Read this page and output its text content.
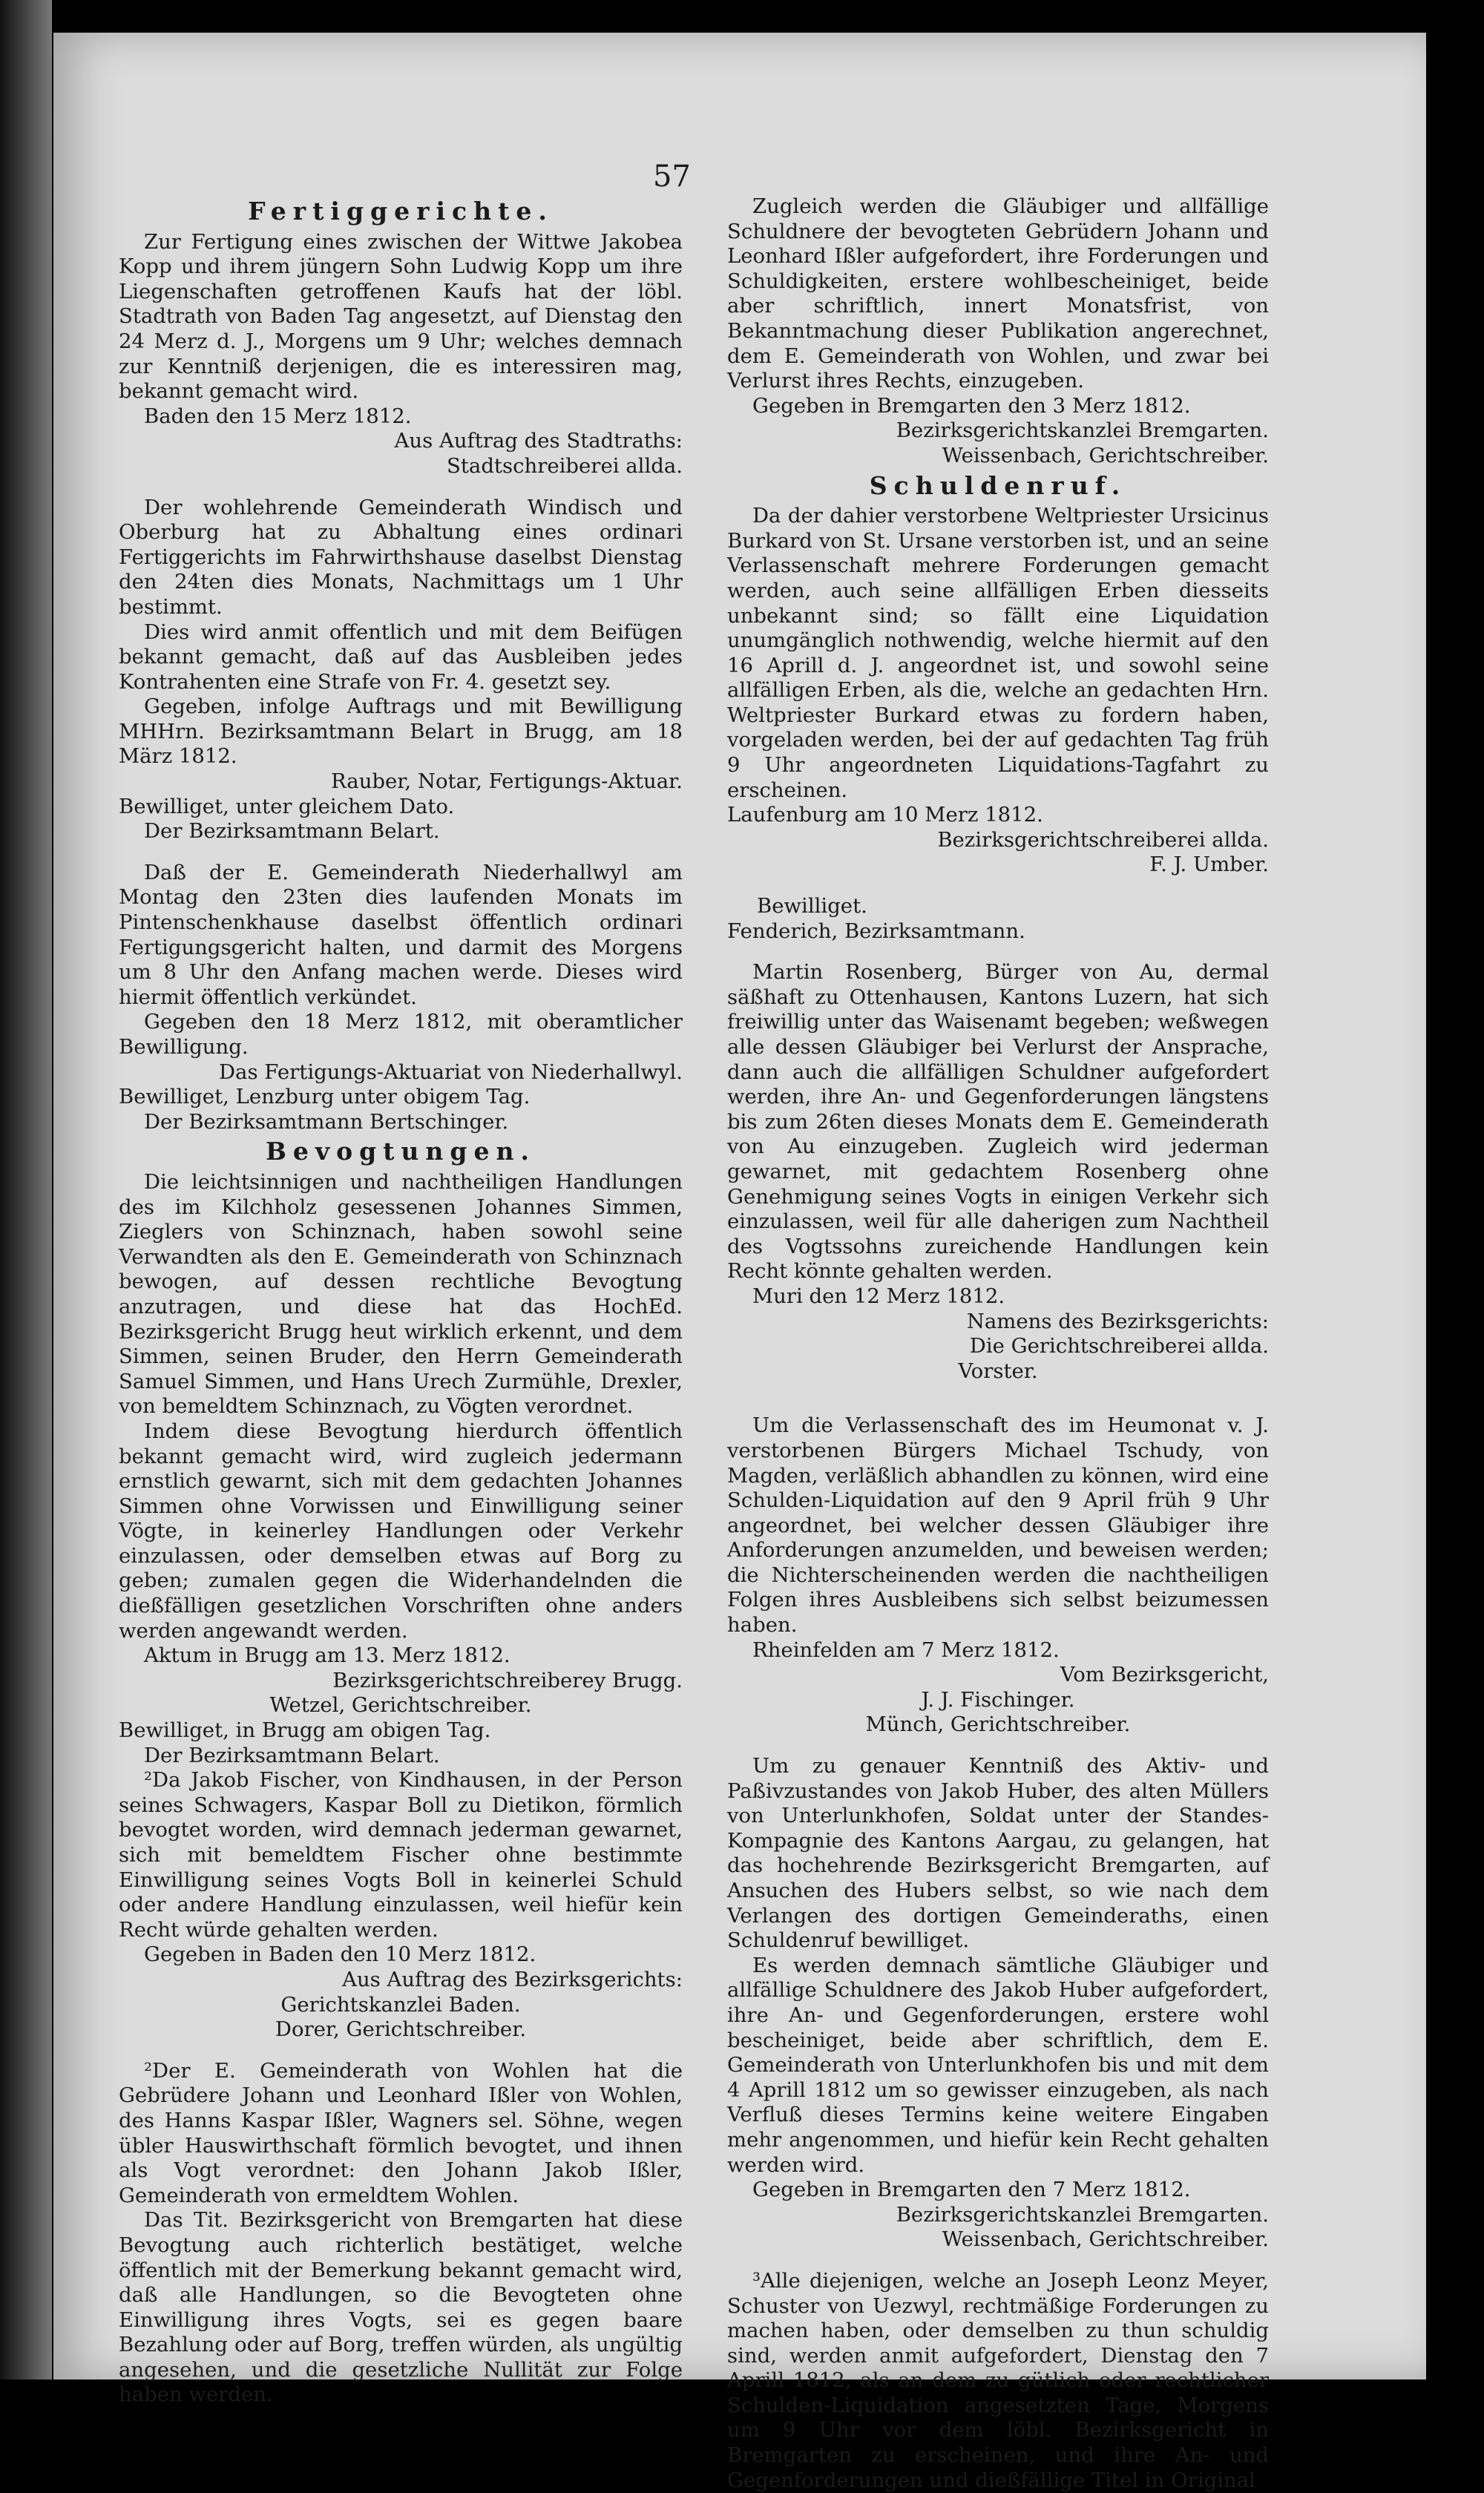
57

Fertiggerichte.

Zur Fertigung eines zwischen der Wittwe Jakobea Kopp und ihrem jüngern Sohn Ludwig Kopp um ihre Liegenschaften getroffenen Kaufs hat der löbl. Stadtrath von Baden Tag angesetzt, auf Dienstag den 24 Merz d. J., Morgens um 9 Uhr; welches demnach zur Kenntniß derjenigen, die es interessiren mag, bekannt gemacht wird.

Baden den 15 Merz 1812.

Aus Auftrag des Stadtraths:

Stadtschreiberei allda.

Der wohlehrende Gemeinderath Windisch und Oberburg hat zu Abhaltung eines ordinari Fertiggerichts im Fahrwirthshause daselbst Dienstag den 24ten dies Monats, Nachmittags um 1 Uhr bestimmt.

Dies wird anmit offentlich und mit dem Beifügen bekannt gemacht, daß auf das Ausbleiben jedes Kontrahenten eine Strafe von Fr. 4. gesetzt sey.

Gegeben, infolge Auftrags und mit Bewilligung MHHrn. Bezirksamtmann Belart in Brugg, am 18 März 1812.

Rauber, Notar, Fertigungs-Aktuar.

Bewilliget, unter gleichem Dato.

Der Bezirksamtmann Belart.

Daß der E. Gemeinderath Niederhallwyl am Montag den 23ten dies laufenden Monats im Pintenschenkhause daselbst öffentlich ordinari Fertigungsgericht halten, und darmit des Morgens um 8 Uhr den Anfang machen werde. Dieses wird hiermit öffentlich verkündet.

Gegeben den 18 Merz 1812, mit oberamtlicher Bewilligung.

Das Fertigungs-Aktuariat von Niederhallwyl.

Bewilliget, Lenzburg unter obigem Tag.

Der Bezirksamtmann Bertschinger.

Bevogtungen.

Die leichtsinnigen und nachtheiligen Handlungen des im Kilchholz gesessenen Johannes Simmen, Zieglers von Schinznach, haben sowohl seine Verwandten als den E. Gemeinderath von Schinznach bewogen, auf dessen rechtliche Bevogtung anzutragen, und diese hat das HochEd. Bezirksgericht Brugg heut wirklich erkennt, und dem Simmen, seinen Bruder, den Herrn Gemeinderath Samuel Simmen, und Hans Urech Zurmühle, Drexler, von bemeldtem Schinznach, zu Vögten verordnet.

Indem diese Bevogtung hierdurch öffentlich bekannt gemacht wird, wird zugleich jedermann ernstlich gewarnt, sich mit dem gedachten Johannes Simmen ohne Vorwissen und Einwilligung seiner Vögte, in keinerley Handlungen oder Verkehr einzulassen, oder demselben etwas auf Borg zu geben; zumalen gegen die Widerhandelnden die dießfälligen gesetzlichen Vorschriften ohne anders werden angewandt werden.

Aktum in Brugg am 13. Merz 1812.

Bezirksgerichtschreiberey Brugg.

Wetzel, Gerichtschreiber.

Bewilliget, in Brugg am obigen Tag.

Der Bezirksamtmann Belart.

²Da Jakob Fischer, von Kindhausen, in der Person seines Schwagers, Kaspar Boll zu Dietikon, förmlich bevogtet worden, wird demnach jederman gewarnet, sich mit bemeldtem Fischer ohne bestimmte Einwilligung seines Vogts Boll in keinerlei Schuld oder andere Handlung einzulassen, weil hiefür kein Recht würde gehalten werden.

Gegeben in Baden den 10 Merz 1812.

Aus Auftrag des Bezirksgerichts:

Gerichtskanzlei Baden.

Dorer, Gerichtschreiber.

²Der E. Gemeinderath von Wohlen hat die Gebrüdere Johann und Leonhard Ißler von Wohlen, des Hanns Kaspar Ißler, Wagners sel. Söhne, wegen übler Hauswirthschaft förmlich bevogtet, und ihnen als Vogt verordnet: den Johann Jakob Ißler, Gemeinderath von ermeldtem Wohlen.

Das Tit. Bezirksgericht von Bremgarten hat diese Bevogtung auch richterlich bestätiget, welche öffentlich mit der Bemerkung bekannt gemacht wird, daß alle Handlungen, so die Bevogteten ohne Einwilligung ihres Vogts, sei es gegen baare Bezahlung oder auf Borg, treffen würden, als ungültig angesehen, und die gesetzliche Nullität zur Folge haben werden.

Zugleich werden die Gläubiger und allfällige Schuldnere der bevogteten Gebrüdern Johann und Leonhard Ißler aufgefordert, ihre Forderungen und Schuldigkeiten, erstere wohlbescheiniget, beide aber schriftlich, innert Monatsfrist, von Bekanntmachung dieser Publikation angerechnet, dem E. Gemeinderath von Wohlen, und zwar bei Verlurst ihres Rechts, einzugeben.

Gegeben in Bremgarten den 3 Merz 1812.

Bezirksgerichtskanzlei Bremgarten.

Weissenbach, Gerichtschreiber.

Schuldenruf.

Da der dahier verstorbene Weltpriester Ursicinus Burkard von St. Ursane verstorben ist, und an seine Verlassenschaft mehrere Forderungen gemacht werden, auch seine allfälligen Erben diesseits unbekannt sind; so fällt eine Liquidation unumgänglich nothwendig, welche hiermit auf den 16 Aprill d. J. angeordnet ist, und sowohl seine allfälligen Erben, als die, welche an gedachten Hrn. Weltpriester Burkard etwas zu fordern haben, vorgeladen werden, bei der auf gedachten Tag früh 9 Uhr angeordneten Liquidations-Tagfahrt zu erscheinen.

Laufenburg am 10 Merz 1812.

Bezirksgerichtschreiberei allda.

F. J. Umber.

Bewilliget.

Fenderich, Bezirksamtmann.

Martin Rosenberg, Bürger von Au, dermal säßhaft zu Ottenhausen, Kantons Luzern, hat sich freiwillig unter das Waisenamt begeben; weßwegen alle dessen Gläubiger bei Verlurst der Ansprache, dann auch die allfälligen Schuldner aufgefordert werden, ihre An- und Gegenforderungen längstens bis zum 26ten dieses Monats dem E. Gemeinderath von Au einzugeben. Zugleich wird jederman gewarnet, mit gedachtem Rosenberg ohne Genehmigung seines Vogts in einigen Verkehr sich einzulassen, weil für alle daherigen zum Nachtheil des Vogtssohns zureichende Handlungen kein Recht könnte gehalten werden.

Muri den 12 Merz 1812.

Namens des Bezirksgerichts:

Die Gerichtschreiberei allda.

Vorster.

Um die Verlassenschaft des im Heumonat v. J. verstorbenen Bürgers Michael Tschudy, von Magden, verläßlich abhandlen zu können, wird eine Schulden-Liquidation auf den 9 April früh 9 Uhr angeordnet, bei welcher dessen Gläubiger ihre Anforderungen anzumelden, und beweisen werden; die Nichterscheinenden werden die nachtheiligen Folgen ihres Ausbleibens sich selbst beizumessen haben.

Rheinfelden am 7 Merz 1812.

Vom Bezirksgericht,

J. J. Fischinger.

Münch, Gerichtschreiber.

Um zu genauer Kenntniß des Aktiv- und Paßivzustandes von Jakob Huber, des alten Müllers von Unterlunkhofen, Soldat unter der Standes-Kompagnie des Kantons Aargau, zu gelangen, hat das hochehrende Bezirksgericht Bremgarten, auf Ansuchen des Hubers selbst, so wie nach dem Verlangen des dortigen Gemeinderaths, einen Schuldenruf bewilliget.

Es werden demnach sämtliche Gläubiger und allfällige Schuldnere des Jakob Huber aufgefordert, ihre An- und Gegenforderungen, erstere wohl bescheiniget, beide aber schriftlich, dem E. Gemeinderath von Unterlunkhofen bis und mit dem 4 Aprill 1812 um so gewisser einzugeben, als nach Verfluß dieses Termins keine weitere Eingaben mehr angenommen, und hiefür kein Recht gehalten werden wird.

Gegeben in Bremgarten den 7 Merz 1812.

Bezirksgerichtskanzlei Bremgarten.

Weissenbach, Gerichtschreiber.

³Alle diejenigen, welche an Joseph Leonz Meyer, Schuster von Uezwyl, rechtmäßige Forderungen zu machen haben, oder demselben zu thun schuldig sind, werden anmit aufgefordert, Dienstag den 7 Aprill 1812, als an dem zu gütlich oder rechtlicher Schulden-Liquidation angesetzten Tage, Morgens um 9 Uhr vor dem löbl. Bezirksgericht in Bremgarten zu erscheinen, und ihre An- und Gegenforderungen und dießfällige Titel in Original
